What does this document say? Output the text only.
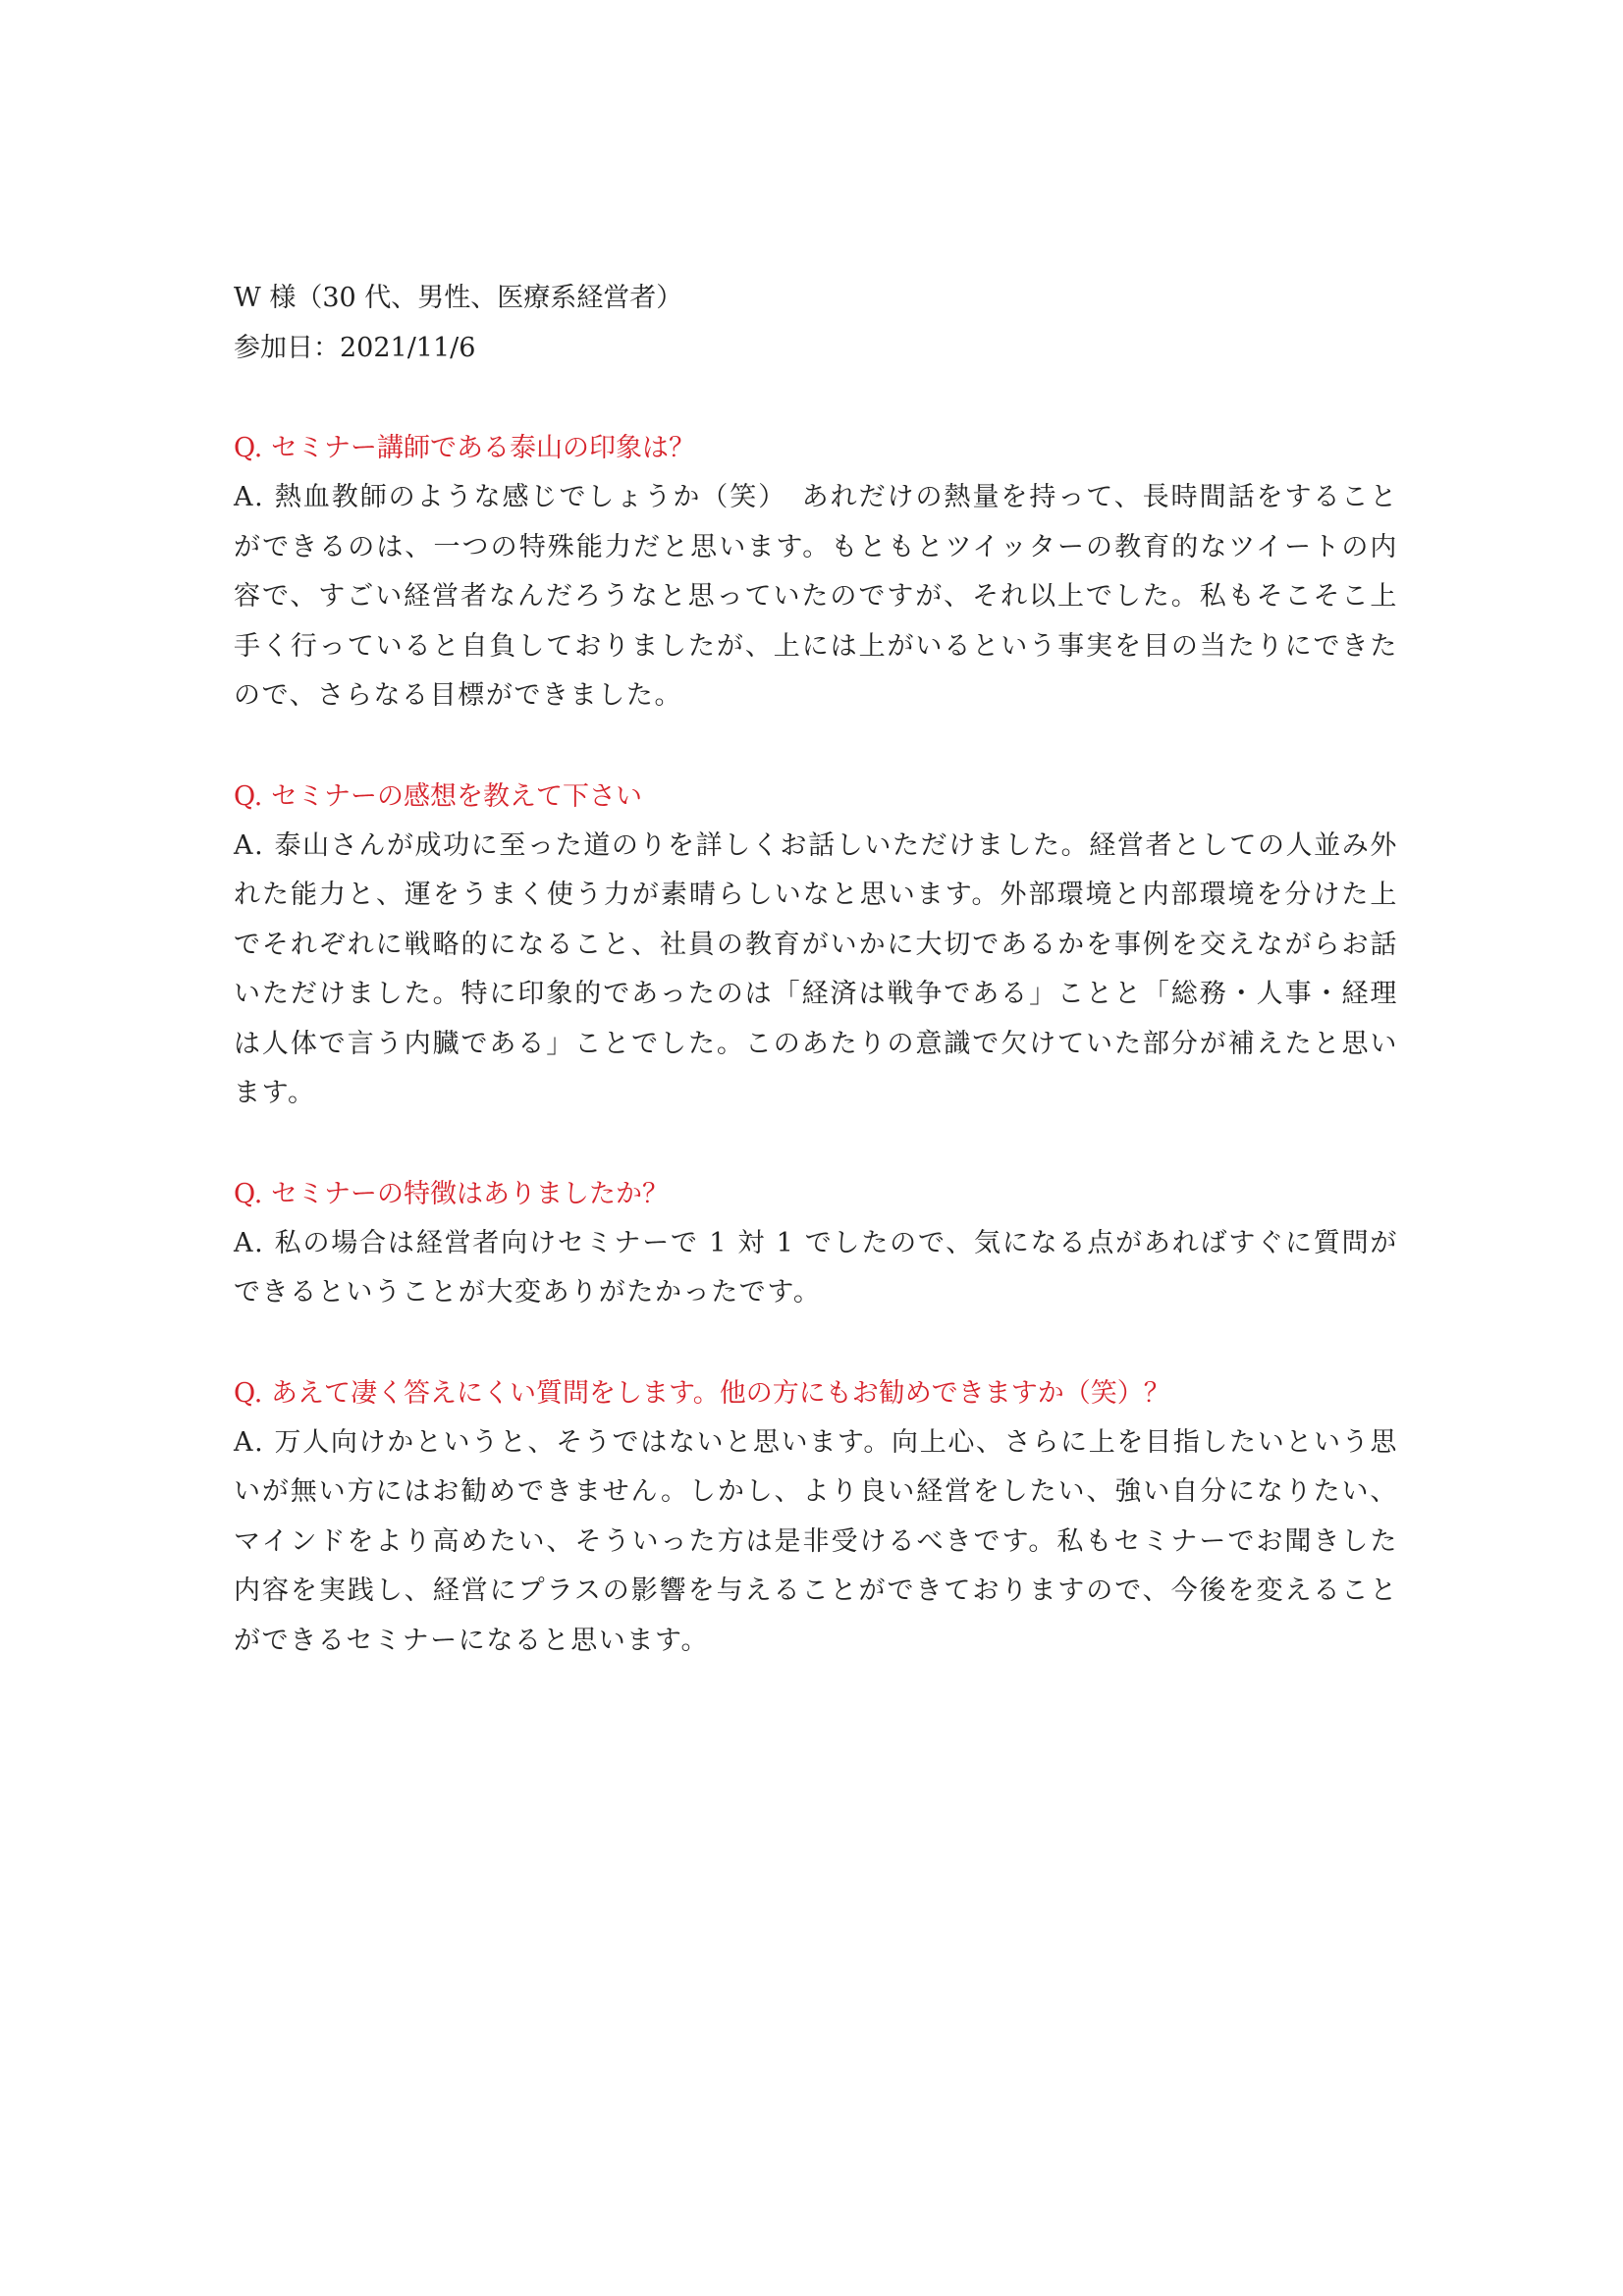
W 様（30 代、男性、医療系経営者）

参加日：2021/11/6

Q. セミナー講師である泰山の印象は？

A. 熱血教師のような感じでしょうか（笑）　あれだけの熱量を持って、長時間話をすることができるのは、一つの特殊能力だと思います。もともとツイッターの教育的なツイートの内容で、すごい経営者なんだろうなと思っていたのですが、それ以上でした。私もそこそこ上手く行っていると自負しておりましたが、上には上がいるという事実を目の当たりにできたので、さらなる目標ができました。

Q. セミナーの感想を教えて下さい

A. 泰山さんが成功に至った道のりを詳しくお話しいただけました。経営者としての人並み外れた能力と、運をうまく使う力が素晴らしいなと思います。外部環境と内部環境を分けた上でそれぞれに戦略的になること、社員の教育がいかに大切であるかを事例を交えながらお話いただけました。特に印象的であったのは「経済は戦争である」ことと「総務・人事・経理は人体で言う内臓である」ことでした。このあたりの意識で欠けていた部分が補えたと思います。

Q. セミナーの特徴はありましたか？

A. 私の場合は経営者向けセミナーで 1 対 1 でしたので、気になる点があればすぐに質問ができるということが大変ありがたかったです。

Q. あえて凄く答えにくい質問をします。他の方にもお勧めできますか（笑）？

A. 万人向けかというと、そうではないと思います。向上心、さらに上を目指したいという思いが無い方にはお勧めできません。しかし、より良い経営をしたい、強い自分になりたい、マインドをより高めたい、そういった方は是非受けるべきです。私もセミナーでお聞きした内容を実践し、経営にプラスの影響を与えることができておりますので、今後を変えることができるセミナーになると思います。
